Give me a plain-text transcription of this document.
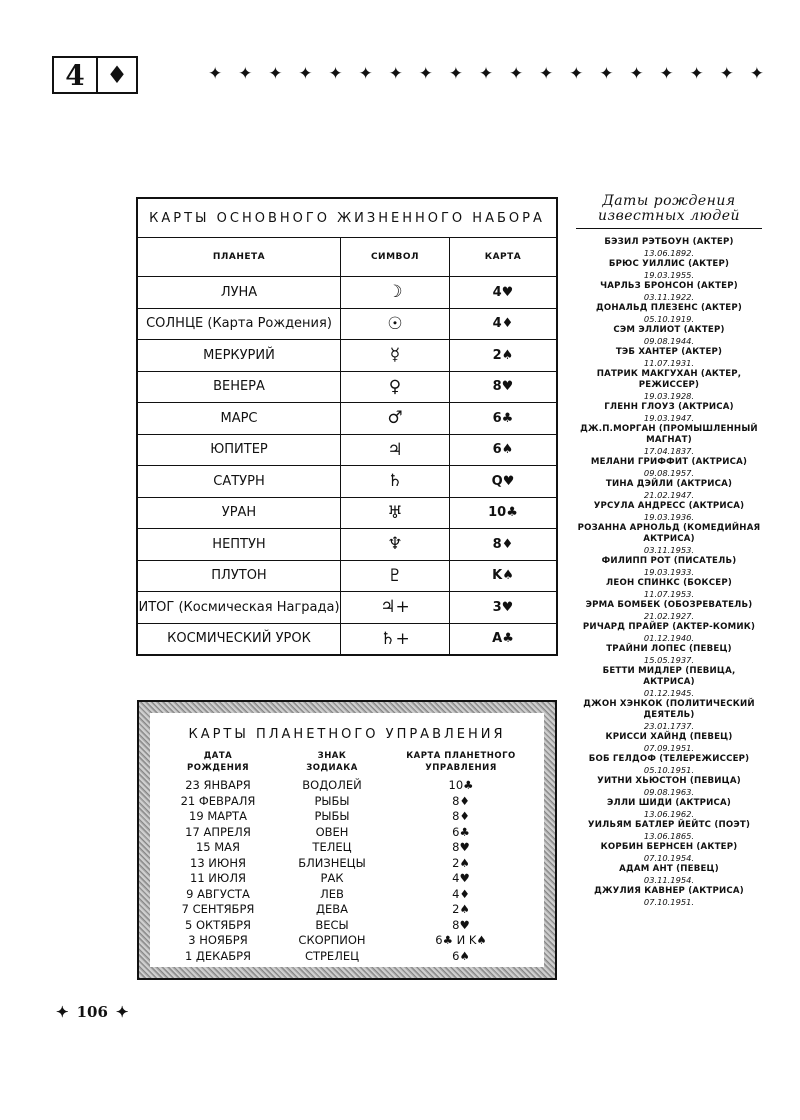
4 ♦	✦ ✦ ✦ ✦ ✦ ✦ ✦ ✦ ✦ ✦ ✦ ✦ ✦ ✦ ✦ ✦ ✦ ✦ ✦
КАРТЫ ОСНОВНОГО ЖИЗНЕННОГО НАБОРА		
ПЛАНЕТА	СИМВОЛ	КАРТА
ЛУНА	☽	4♥
СОЛНЦЕ (Карта Рождения)	☉	4♦
МЕРКУРИЙ	☿	2♠
ВЕНЕРА	♀	8♥
МАРС	♂	6♣
ЮПИТЕР	♃	6♠
САТУРН	♄	Q♥
УРАН	♅	10♣
НЕПТУН	♆	8♦
ПЛУТОН	♇	K♠
ИТОГ (Космическая Награда)	♃+	3♥
КОСМИЧЕСКИЙ УРОК	♄+	A♣
Даты рождения
известных людей
БЭЗИЛ РЭТБОУН (АКТЕР)
13.06.1892.
БРЮС УИЛЛИС (АКТЕР)
19.03.1955.
ЧАРЛЬЗ БРОНСОН (АКТЕР)
03.11.1922.
ДОНАЛЬД ПЛЕЗЕНС (АКТЕР)
05.10.1919.
СЭМ ЭЛЛИОТ (АКТЕР)
09.08.1944.
ТЭБ ХАНТЕР (АКТЕР)
11.07.1931.
ПАТРИК МАКГУХАН (АКТЕР, РЕЖИССЕР)
19.03.1928.
ГЛЕНН ГЛОУЗ (АКТРИСА)
19.03.1947.
ДЖ.П.МОРГАН (ПРОМЫШЛЕННЫЙ МАГНАТ)
17.04.1837.
МЕЛАНИ ГРИФФИТ (АКТРИСА)
09.08.1957.
ТИНА ДЭЙЛИ (АКТРИСА)
21.02.1947.
УРСУЛА АНДРЕСС (АКТРИСА)
19.03.1936.
РОЗАННА АРНОЛЬД (КОМЕДИЙНАЯ АКТРИСА)
03.11.1953.
ФИЛИПП РОТ (ПИСАТЕЛЬ)
19.03.1933.
ЛЕОН СПИНКС (БОКСЕР)
11.07.1953.
ЭРМА БОМБЕК (ОБОЗРЕВАТЕЛЬ)
21.02.1927.
РИЧАРД ПРАЙЕР (АКТЕР-КОМИК)
01.12.1940.
ТРАЙНИ ЛОПЕС (ПЕВЕЦ)
15.05.1937.
БЕТТИ МИДЛЕР (ПЕВИЦА, АКТРИСА)
01.12.1945.
ДЖОН ХЭНКОК (ПОЛИТИЧЕСКИЙ ДЕЯТЕЛЬ)
23.01.1737.
КРИССИ ХАЙНД (ПЕВЕЦ)
07.09.1951.
БОБ ГЕЛДОФ (ТЕЛЕРЕЖИССЕР)
05.10.1951.
УИТНИ ХЬЮСТОН (ПЕВИЦА)
09.08.1963.
ЭЛЛИ ШИДИ (АКТРИСА)
13.06.1962.
УИЛЬЯМ БАТЛЕР ЙЕЙТС (ПОЭТ)
13.06.1865.
КОРБИН БЕРНСЕН (АКТЕР)
07.10.1954.
АДАМ АНТ (ПЕВЕЦ)
03.11.1954.
ДЖУЛИЯ КАВНЕР (АКТРИСА)
07.10.1951.
КАРТЫ ПЛАНЕТНОГО УПРАВЛЕНИЯ
ДАТА
РОЖДЕНИЯ
ЗНАК
ЗОДИАКА
КАРТА ПЛАНЕТНОГО
УПРАВЛЕНИЯ
23 ЯНВАРЯ	ВОДОЛЕЙ	10♣
21 ФЕВРАЛЯ	РЫБЫ	8♦
19 МАРТА	РЫБЫ	8♦
17 АПРЕЛЯ	ОВЕН	6♣
15 МАЯ	ТЕЛЕЦ	8♥
13 ИЮНЯ	БЛИЗНЕЦЫ	2♠
11 ИЮЛЯ	РАК	4♥
9 АВГУСТА	ЛЕВ	4♦
7 СЕНТЯБРЯ	ДЕВА	2♠
5 ОКТЯБРЯ	ВЕСЫ	8♥
3 НОЯБРЯ	СКОРПИОН	6♣ И K♠
1 ДЕКАБРЯ	СТРЕЛЕЦ	6♠
✦ 106 ✦
